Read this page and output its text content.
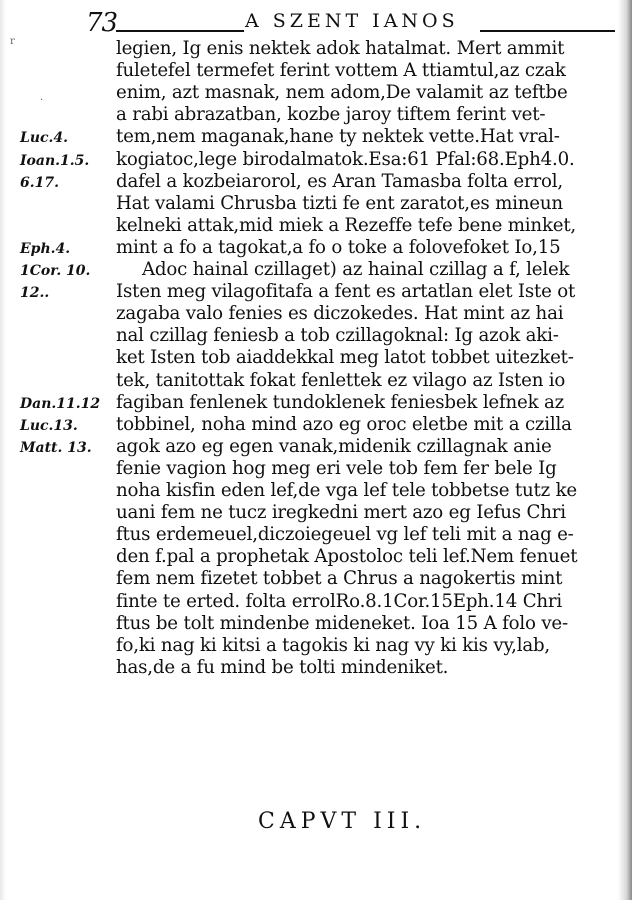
73	A SZENT IANOS
legien, Ig enis nektek adok hatalmat. Mert ammit
fuletefel termefet ferint vottem A ttiamtul,az czak
enim, azt masnak, nem adom,De valamit az teftbe
a rabi abrazatban, kozbe jaroy tiftem ferint vet-
tem,nem maganak,hane ty nektek vette.Hat vral-
kogiatoc,lege birodalmatok.Esa:61 Pfal:68.Eph4.0.
dafel a kozbeiarorol, es Aran Tamasba folta errol,
Hat valami Chrusba tizti fe ent zaratot,es mineun
kelneki attak,mid miek a Rezeffe tefe bene minket,
mint a fo a tagokat,a fo o toke a folovefoket Io,15
Adoc hainal czillaget) az hainal czillag a f, lelek
Isten meg vilagofitafa a fent es artatlan elet Iste ot
zagaba valo fenies es diczokedes. Hat mint az hai
nal czillag feniesb a tob czillagoknal: Ig azok aki-
ket Isten tob aiaddekkal meg latot tobbet uitezket-
tek, tanitottak fokat fenlettek ez vilago az Isten io
fagiban fenlenek tundoklenek feniesbek lefnek az
tobbinel, noha mind azo eg oroc eletbe mit a czilla
agok azo eg egen vanak,midenik czillagnak anie
fenie vagion hog meg eri vele tob fem fer bele Ig
noha kisfin eden lef,de vga lef tele tobbetse tutz ke
uani fem ne tucz iregkedni mert azo eg Iefus Chri
ftus erdemeuel,diczoiegeuel vg lef teli mit a nag e-
den f.pal a prophetak Apostoloc teli lef.Nem fenuet
fem nem fizetet tobbet a Chrus a nagokertis mint
finte te erted. folta errolRo.8.1Cor.15Eph.14 Chri
ftus be tolt mindenbe mideneket. Ioa 15 A folo ve-
fo,ki nag ki kitsi a tagokis ki nag vy ki kis vy,lab,
has,de a fu mind be tolti mindeniket.
Luc.4.
Ioan.1.5.
6.17.
Eph.4.
1Cor. 10.
12..
Dan.11.12
Luc.13.
Matt. 13.
CAPVT III.
r
·
